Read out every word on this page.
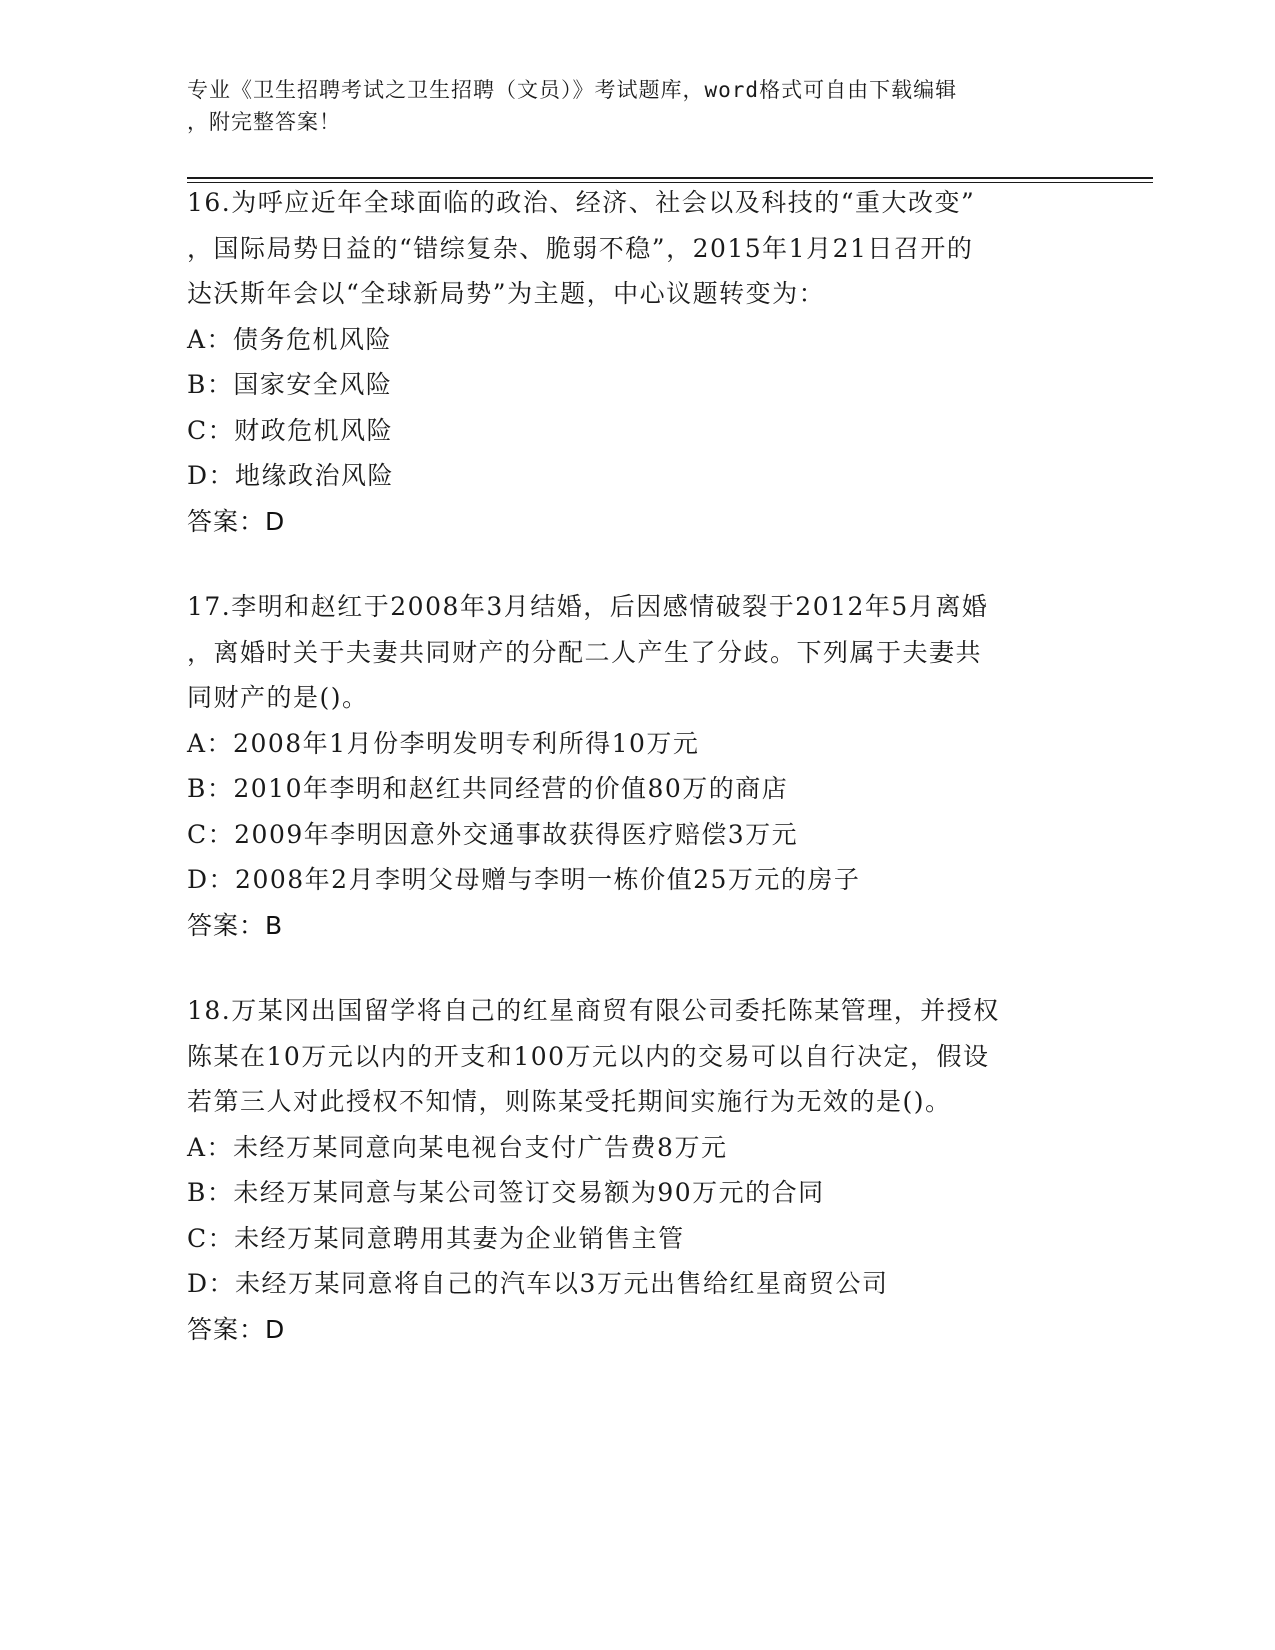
专业《卫生招聘考试之卫生招聘（文员）》考试题库，word格式可自由下载编辑
，附完整答案！
16.为呼应近年全球面临的政治、经济、社会以及科技的“重大改变”
，国际局势日益的“错综复杂、脆弱不稳”，2015年1月21日召开的
达沃斯年会以“全球新局势”为主题，中心议题转变为：
A：债务危机风险
B：国家安全风险
C：财政危机风险
D：地缘政治风险
答案：D
17.李明和赵红于2008年3月结婚，后因感情破裂于2012年5月离婚
，离婚时关于夫妻共同财产的分配二人产生了分歧。下列属于夫妻共
同财产的是()。
A：2008年1月份李明发明专利所得10万元
B：2010年李明和赵红共同经营的价值80万的商店
C：2009年李明因意外交通事故获得医疗赔偿3万元
D：2008年2月李明父母赠与李明一栋价值25万元的房子
答案：B
18.万某冈出国留学将自己的红星商贸有限公司委托陈某管理，并授权
陈某在10万元以内的开支和100万元以内的交易可以自行决定，假设
若第三人对此授权不知情，则陈某受托期间实施行为无效的是()。
A：未经万某同意向某电视台支付广告费8万元
B：未经万某同意与某公司签订交易额为90万元的合同
C：未经万某同意聘用其妻为企业销售主管
D：未经万某同意将自己的汽车以3万元出售给红星商贸公司
答案：D
